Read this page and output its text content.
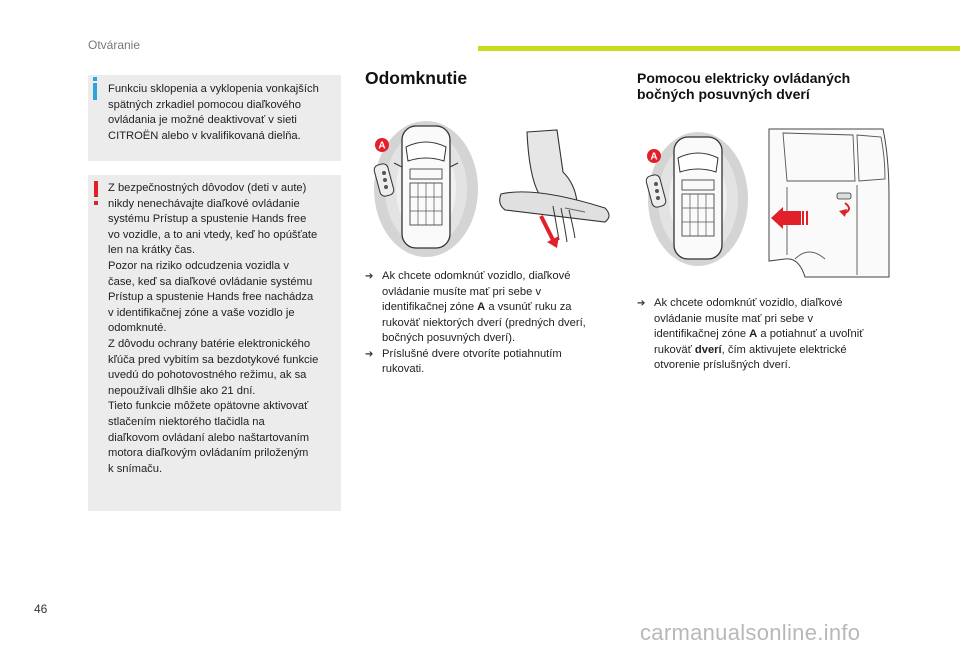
Otváranie

Funkciu sklopenia a vyklopenia vonkajších

spätných zrkadiel pomocou diaľkového

ovládania je možné deaktivovať v sieti

CITROËN alebo v kvalifikovaná dielňa.

Z bezpečnostných dôvodov (deti v aute)

nikdy nenechávajte diaľkové ovládanie

systému Prístup a spustenie Hands free

vo vozidle, a to ani vtedy, keď ho opúšťate

len na krátky čas.

Pozor na riziko odcudzenia vozidla v

čase, keď sa diaľkové ovládanie systému

Prístup a spustenie Hands free nachádza

v identifikačnej zóne a vaše vozidlo je

odomknuté.

Z dôvodu ochrany batérie elektronického

kľúča pred vybitím sa bezdotykové funkcie

uvedú do pohotovostného režimu, ak sa

nepoužívali dlhšie ako 21 dní.

Tieto funkcie môžete opätovne aktivovať

stlačením niektorého tlačidla na

diaľkovom ovládaní alebo naštartovaním

motora diaľkovým ovládaním priloženým

k snímaču.

Odomknutie
A
➔ Ak chcete odomknúť vozidlo, diaľkové
ovládanie musíte mať pri sebe v
identifikačnej zóne A a vsunúť ruku za
rukoväť niektorých dverí (predných dverí,
bočných posuvných dverí).
➔ Príslušné dvere otvoríte potiahnutím
rukovati.
Pomocou elektricky ovládaných
bočných posuvných dverí
A
➔ Ak chcete odomknúť vozidlo, diaľkové
ovládanie musíte mať pri sebe v
identifikačnej zóne A a potiahnuť a uvoľniť
rukoväť dverí, čím aktivujete elektrické
otvorenie príslušných dverí.
46
carmanualsonline.info
